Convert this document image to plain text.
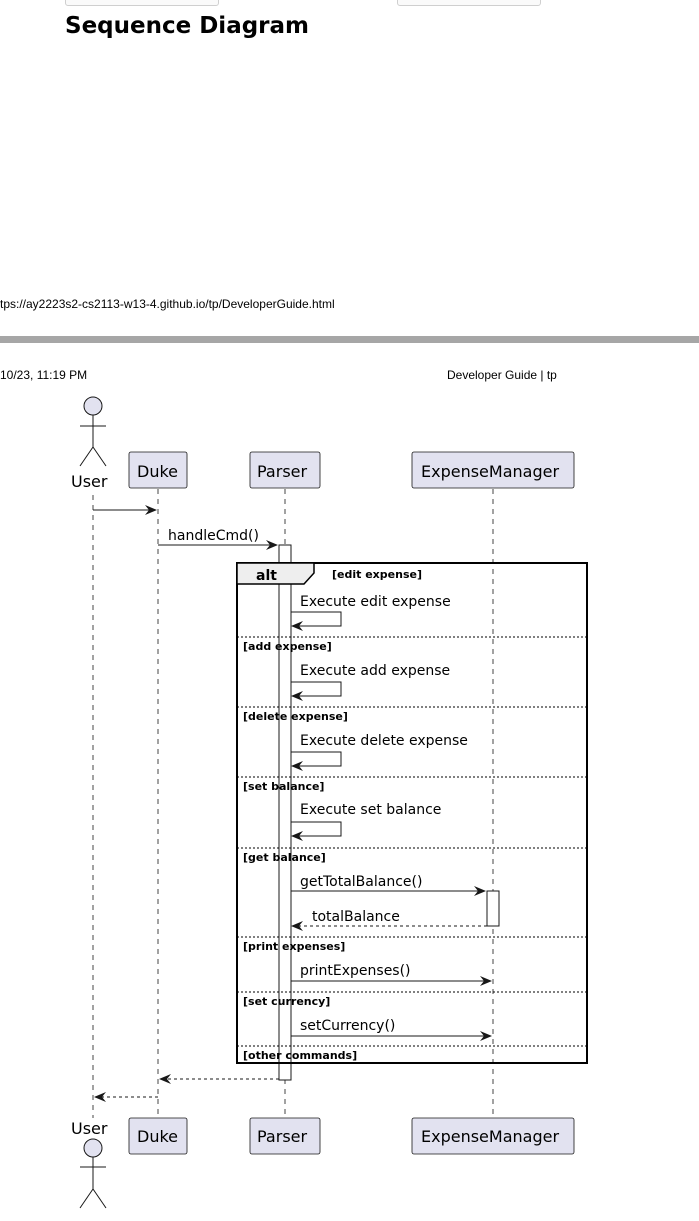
Sequence Diagram
tps://ay2223s2-cs2113-w13-4.github.io/tp/DeveloperGuide.html
10/23, 11:19 PM	Developer Guide | tp
User
Duke	Parser	ExpenseManager
handleCmd()
alt	[edit expense]
[add expense]
[delete expense]
[set balance]
[get balance]
[print expenses]
[set currency]
[other commands]
Execute edit expense
Execute add expense
Execute delete expense
Execute set balance
getTotalBalance()
totalBalance
printExpenses()
setCurrency()
User Duke	Parser	ExpenseManager
